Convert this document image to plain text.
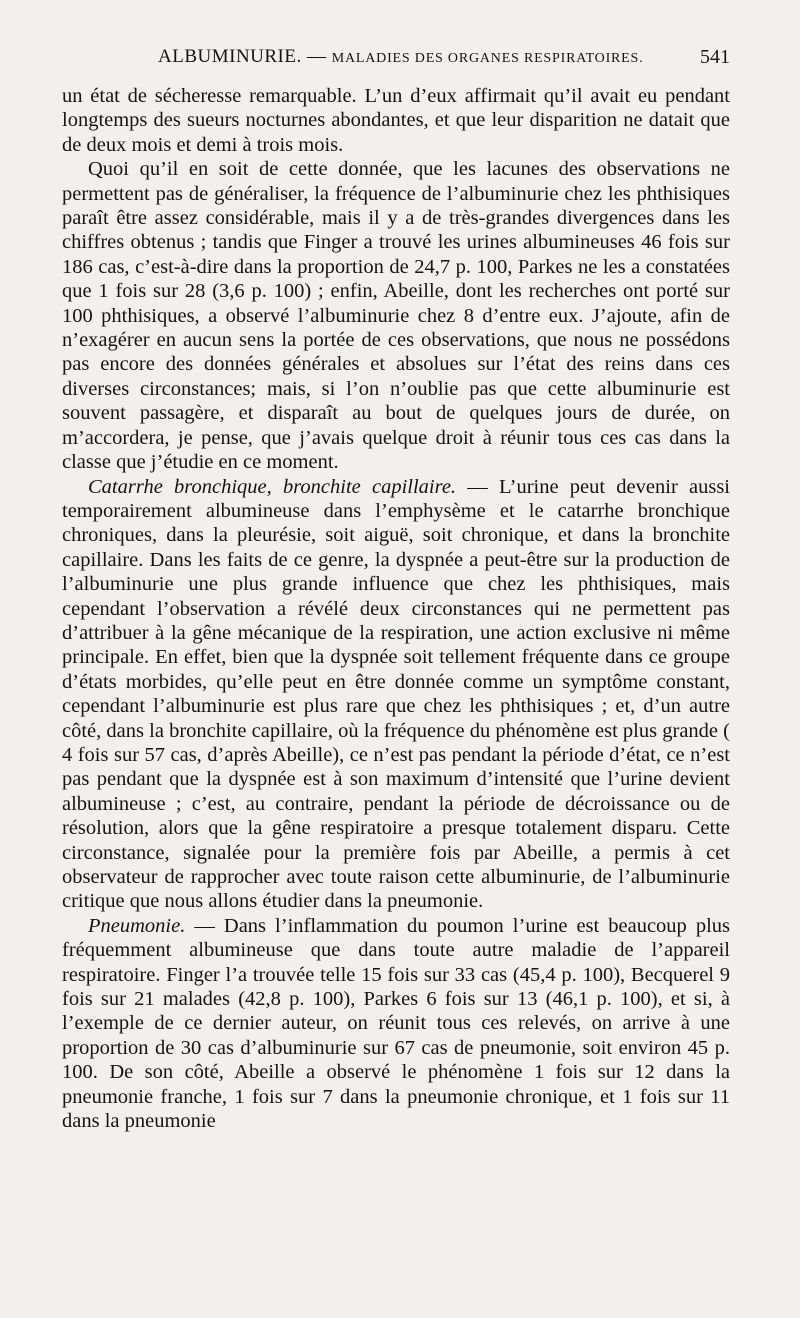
ALBUMINURIE. — MALADIES DES ORGANES RESPIRATOIRES.	541

un état de sécheresse remarquable. L’un d’eux affirmait qu’il avait eu pendant longtemps des sueurs nocturnes abondantes, et que leur disparition ne datait que de deux mois et demi à trois mois.

Quoi qu’il en soit de cette donnée, que les lacunes des observations ne permettent pas de généraliser, la fréquence de l’albuminurie chez les phthisiques paraît être assez considérable, mais il y a de très-grandes divergences dans les chiffres obtenus ; tandis que Finger a trouvé les urines albumineuses 46 fois sur 186 cas, c’est-à-dire dans la proportion de 24,7 p. 100, Parkes ne les a constatées que 1 fois sur 28 (3,6 p. 100) ; enfin, Abeille, dont les recherches ont porté sur 100 phthisiques, a observé l’albuminurie chez 8 d’entre eux. J’ajoute, afin de n’exagérer en aucun sens la portée de ces observations, que nous ne possédons pas encore des données générales et absolues sur l’état des reins dans ces diverses circonstances; mais, si l’on n’oublie pas que cette albuminurie est souvent passagère, et disparaît au bout de quelques jours de durée, on m’accordera, je pense, que j’avais quelque droit à réunir tous ces cas dans la classe que j’étudie en ce moment.

Catarrhe bronchique, bronchite capillaire. — L’urine peut devenir aussi temporairement albumineuse dans l’emphysème et le catarrhe bronchique chroniques, dans la pleurésie, soit aiguë, soit chronique, et dans la bronchite capillaire. Dans les faits de ce genre, la dyspnée a peut-être sur la production de l’albuminurie une plus grande influence que chez les phthisiques, mais cependant l’observation a révélé deux circonstances qui ne permettent pas d’attribuer à la gêne mécanique de la respiration, une action exclusive ni même principale. En effet, bien que la dyspnée soit tellement fréquente dans ce groupe d’états morbides, qu’elle peut en être donnée comme un symptôme constant, cependant l’albuminurie est plus rare que chez les phthisiques ; et, d’un autre côté, dans la bronchite capillaire, où la fréquence du phénomène est plus grande ( 4 fois sur 57 cas, d’après Abeille), ce n’est pas pendant la période d’état, ce n’est pas pendant que la dyspnée est à son maximum d’intensité que l’urine devient albumineuse ; c’est, au contraire, pendant la période de décroissance ou de résolution, alors que la gêne respiratoire a presque totalement disparu. Cette circonstance, signalée pour la première fois par Abeille, a permis à cet observateur de rapprocher avec toute raison cette albuminurie, de l’albuminurie critique que nous allons étudier dans la pneumonie.

Pneumonie. — Dans l’inflammation du poumon l’urine est beaucoup plus fréquemment albumineuse que dans toute autre maladie de l’appareil respiratoire. Finger l’a trouvée telle 15 fois sur 33 cas (45,4 p. 100), Becquerel 9 fois sur 21 malades (42,8 p. 100), Parkes 6 fois sur 13 (46,1 p. 100), et si, à l’exemple de ce dernier auteur, on réunit tous ces relevés, on arrive à une proportion de 30 cas d’albuminurie sur 67 cas de pneumonie, soit environ 45 p. 100. De son côté, Abeille a observé le phénomène 1 fois sur 12 dans la pneumonie franche, 1 fois sur 7 dans la pneumonie chronique, et 1 fois sur 11 dans la pneumonie
